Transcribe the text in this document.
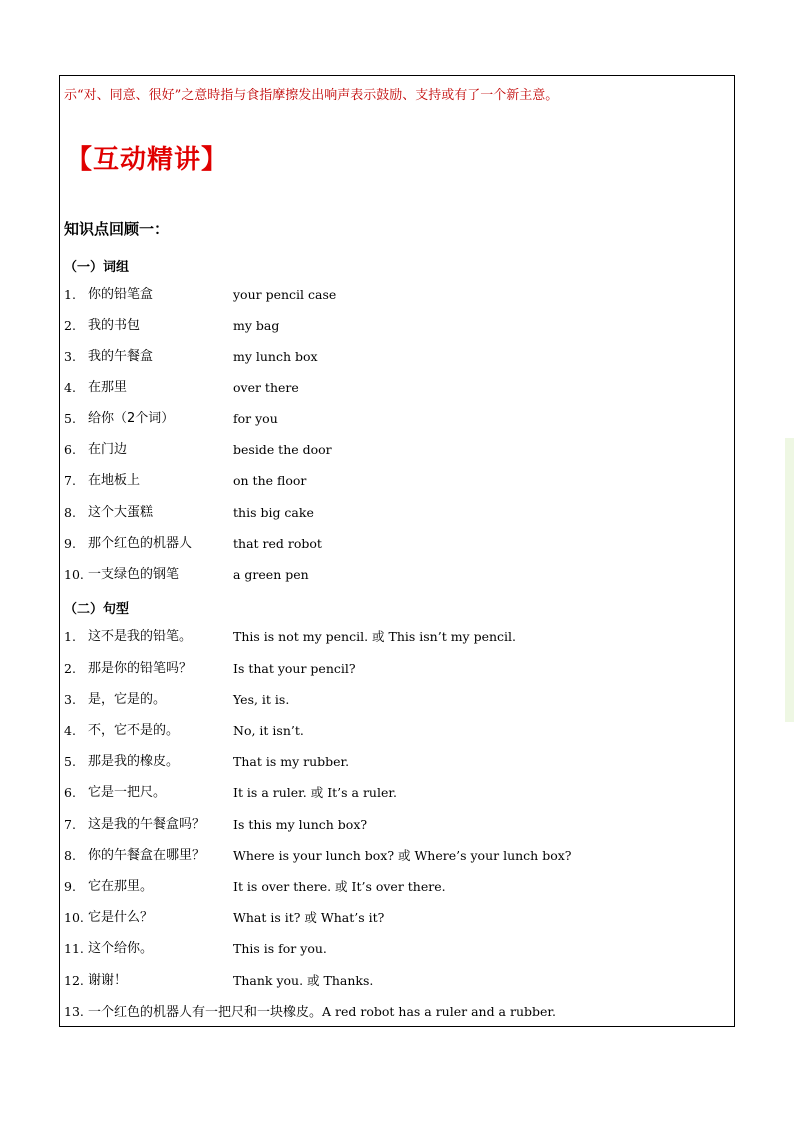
示“对、同意、很好”之意時指与食指摩擦发出响声表示鼓励、支持或有了一个新主意。
【互动精讲】
知识点回顾一：
（一）词组
1. 你的铅笔盒	your pencil case
2. 我的书包	my bag
3. 我的午餐盒	my lunch box
4. 在那里	over there
5. 给你（2个词）	for you
6. 在门边	beside the door
7. 在地板上	on the floor
8. 这个大蛋糕	this big cake
9. 那个红色的机器人	that red robot
10. 一支绿色的钢笔	a green pen
（二）句型
1. 这不是我的铅笔。	This is not my pencil. 或 This isn’t my pencil.
2. 那是你的铅笔吗？	Is that your pencil?
3. 是，它是的。	Yes, it is.
4. 不，它不是的。	No, it isn’t.
5. 那是我的橡皮。	That is my rubber.
6. 它是一把尺。	It is a ruler. 或 It’s a ruler.
7. 这是我的午餐盒吗？ Is this my lunch box?
8. 你的午餐盒在哪里？ Where is your lunch box? 或 Where’s your lunch box?
9. 它在那里。	It is over there. 或 It’s over there.
10. 它是什么？	What is it? 或 What’s it?
11. 这个给你。	This is for you.
12. 谢谢！	Thank you. 或 Thanks.
13. 一个红色的机器人有一把尺和一块橡皮。A red robot has a ruler and a rubber.
